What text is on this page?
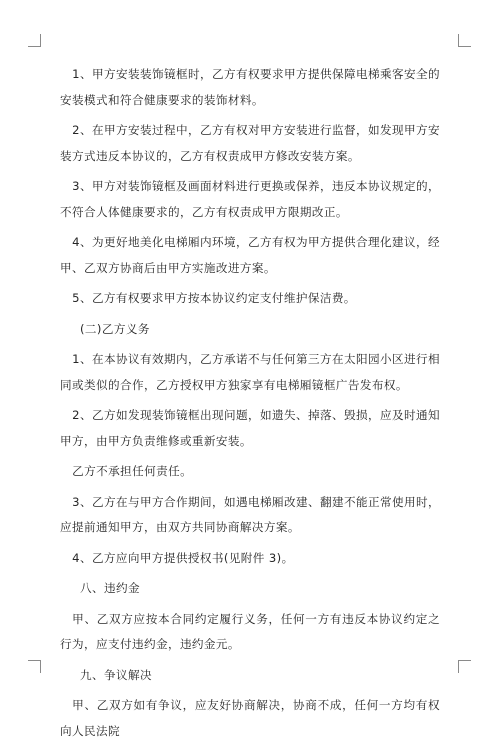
1、甲方安装装饰镜框时，乙方有权要求甲方提供保障电梯乘客安全的安装模式和符合健康要求的装饰材料。

2、在甲方安装过程中，乙方有权对甲方安装进行监督，如发现甲方安装方式违反本协议的，乙方有权责成甲方修改安装方案。

3、甲方对装饰镜框及画面材料进行更换或保养，违反本协议规定的，不符合人体健康要求的，乙方有权责成甲方限期改正。

4、为更好地美化电梯厢内环境，乙方有权为甲方提供合理化建议，经甲、乙双方协商后由甲方实施改进方案。

5、乙方有权要求甲方按本协议约定支付维护保洁费。

(二)乙方义务

1、在本协议有效期内，乙方承诺不与任何第三方在太阳园小区进行相同或类似的合作，乙方授权甲方独家享有电梯厢镜框广告发布权。

2、乙方如发现装饰镜框出现问题，如遗失、掉落、毁损，应及时通知甲方，由甲方负责维修或重新安装。

乙方不承担任何责任。

3、乙方在与甲方合作期间，如遇电梯厢改建、翻建不能正常使用时，应提前通知甲方，由双方共同协商解决方案。

4、乙方应向甲方提供授权书(见附件 3)。

八、违约金

甲、乙双方应按本合同约定履行义务，任何一方有违反本协议约定之行为，应支付违约金，违约金元。

九、争议解决

甲、乙双方如有争议，应友好协商解决，协商不成，任何一方均有权向人民法院
